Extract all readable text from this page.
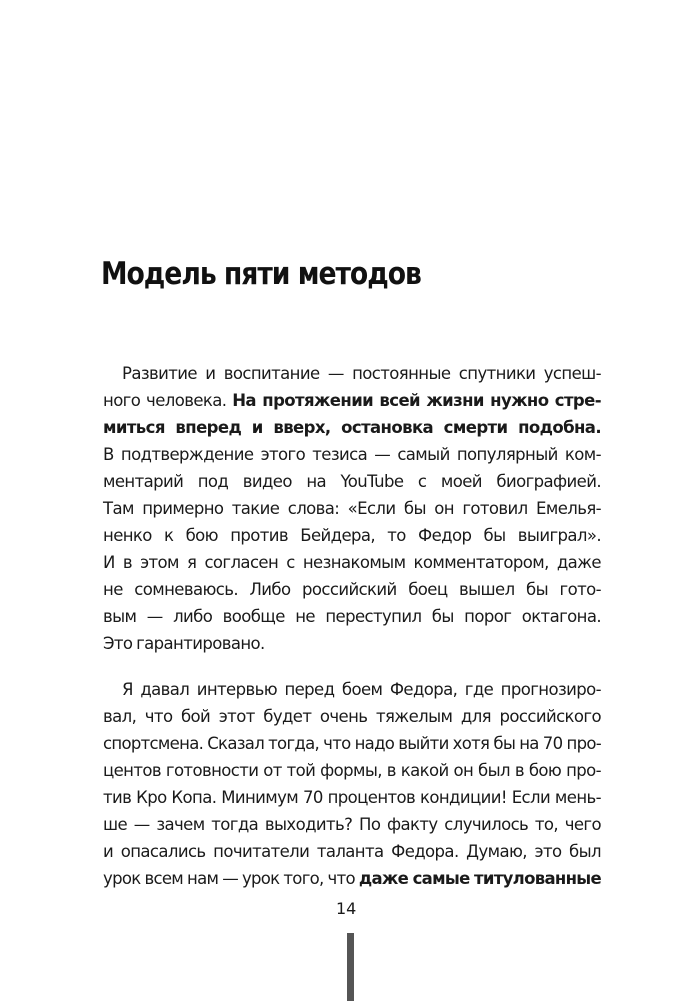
Модель пяти методов

Развитие и воспитание — постоянные спутники успеш-
ного человека. На протяжении всей жизни нужно стре-
миться вперед и вверх, остановка смерти подобна.
В подтверждение этого тезиса — самый популярный ком-
ментарий под видео на YouTube с моей биографией.
Там примерно такие слова: «Если бы он готовил Емелья-
ненко к бою против Бейдера, то Федор бы выиграл».
И в этом я согласен с незнакомым комментатором, даже
не сомневаюсь. Либо российский боец вышел бы гото-
вым — либо вообще не переступил бы порог октагона.
Это гарантировано.

Я давал интервью перед боем Федора, где прогнозиро-
вал, что бой этот будет очень тяжелым для российского
спортсмена. Сказал тогда, что надо выйти хотя бы на 70 про-
центов готовности от той формы, в какой он был в бою про-
тив Кро Копа. Минимум 70 процентов кондиции! Если мень-
ше — зачем тогда выходить? По факту случилось то, чего
и опасались почитатели таланта Федора. Думаю, это был
урок всем нам — урок того, что даже самые титулованные

14
